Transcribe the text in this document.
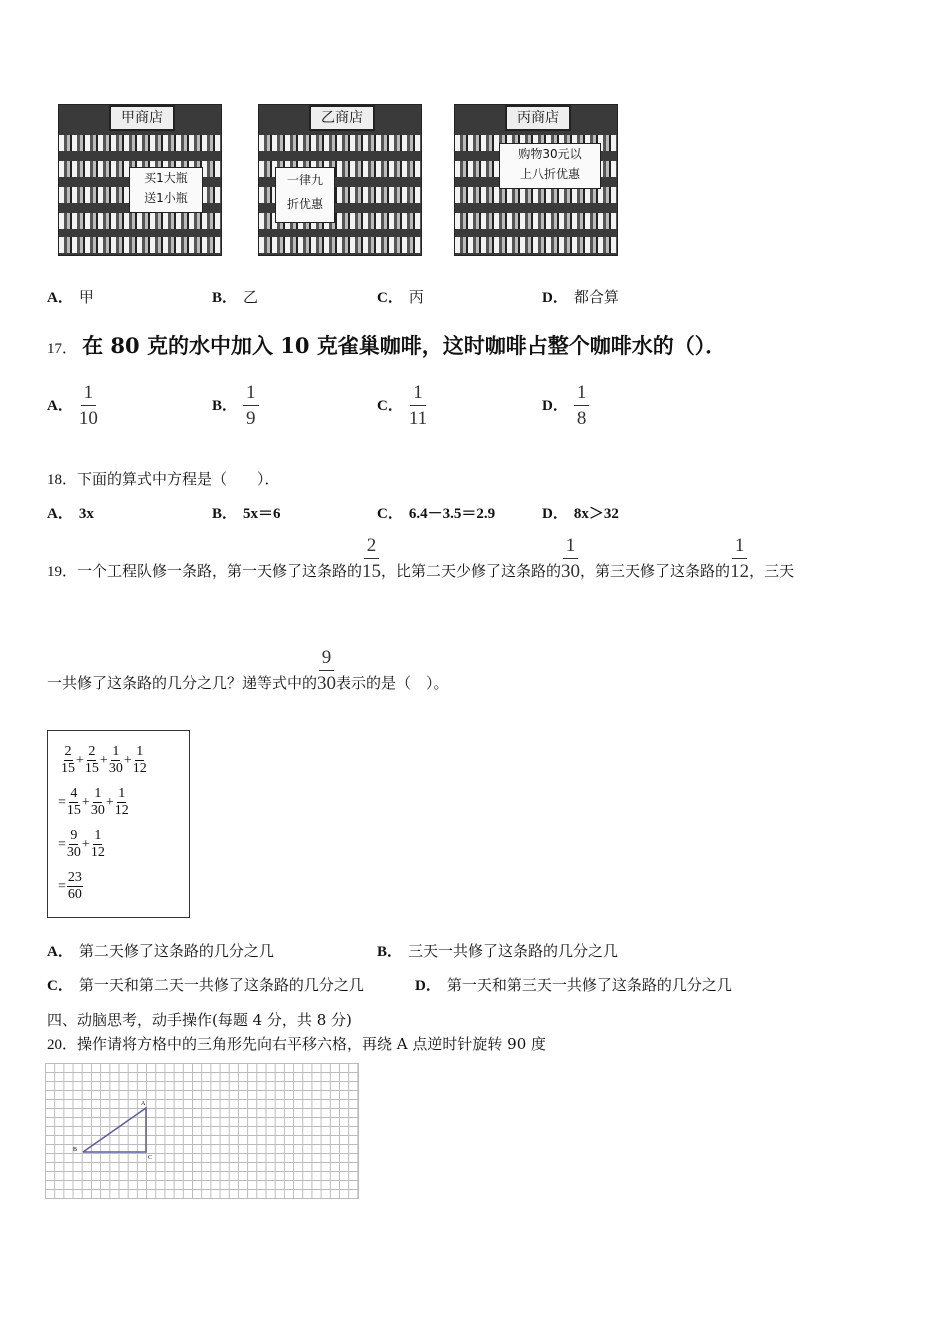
甲商店
买1大瓶
送1小瓶
乙商店
一律九
折优惠
丙商店
购物30元以
上八折优惠
A． 甲	B． 乙	C． 丙	D． 都合算
17． 在 80 克的水中加入 10 克雀巢咖啡，这时咖啡占整个咖啡水的（）．
A． $\frac{1}{10}$	B． $\frac{1}{9}$	C． $\frac{1}{11}$	D． $\frac{1}{8}$
18．下面的算式中方程是（　　）．
A． 3x	B． 5x＝6	C． 6.4－3.5＝2.9	D． 8x＞32
19． 一个工程队修一条路，第一天修了这条路的 $\frac{2}{15}$ ，比第二天少修了这条路的 $\frac{1}{30}$ ，第三天修了这条路的 $\frac{1}{12}$ ，三天
一共修了这条路的几分之几？递等式中的 $\frac{9}{30}$ 表示的是（　）。
2
15
+ $\frac{2}{15} + \frac{1}{30} + \frac{1}{12}$
= $\frac{4}{15} + \frac{1}{30} + \frac{1}{12}$
= $\frac{9}{30} + \frac{1}{12}$
= $\frac{23}{60}$
A． 第二天修了这条路的几分之几	B． 三天一共修了这条路的几分之几
C． 第一天和第二天一共修了这条路的几分之几	D． 第一天和第三天一共修了这条路的几分之几
四、动脑思考，动手操作(每题 4 分，共 8 分)
20．操作请将方格中的三角形先向右平移六格，再绕 A 点逆时针旋转 90 度
A
B
C
